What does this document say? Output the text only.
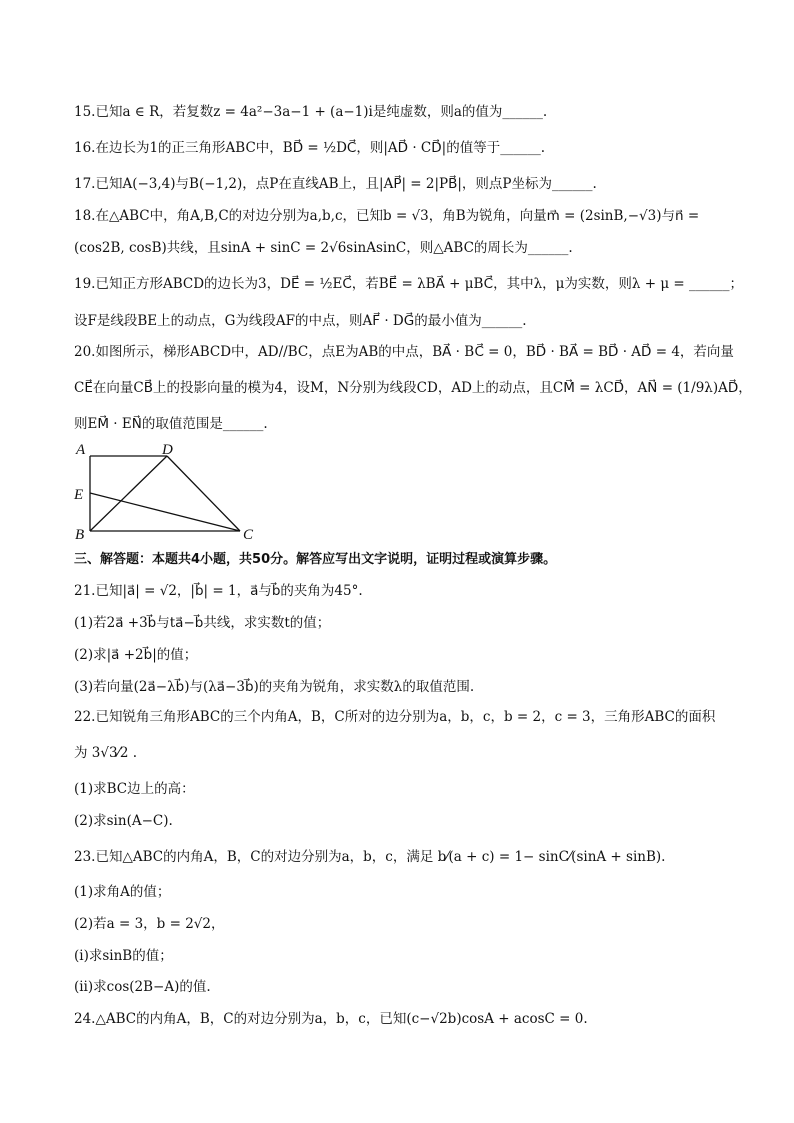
15.已知a ∈ R，若复数z = 4a²−3a−1 + (a−1)i是纯虚数，则a的值为______.
16.在边长为1的正三角形ABC中，BD⃗ = ½DC⃗，则|AD⃗ · CD⃗|的值等于______.
17.已知A(−3,4)与B(−1,2)，点P在直线AB上，且|AP⃗| = 2|PB⃗|，则点P坐标为______.
18.在△ABC中，角A,B,C的对边分别为a,b,c，已知b = √3，角B为锐角，向量m⃗ = (2sinB,−√3)与n⃗ =
(cos2B, cosB)共线，且sinA + sinC = 2√6sinAsinC，则△ABC的周长为______.
19.已知正方形ABCD的边长为3，DE⃗ = ½EC⃗，若BE⃗ = λBA⃗ + μBC⃗，其中λ，μ为实数，则λ + μ = ______；
设F是线段BE上的动点，G为线段AF的中点，则AF⃗ · DG⃗的最小值为______.
20.如图所示，梯形ABCD中，AD//BC，点E为AB的中点，BA⃗ · BC⃗ = 0，BD⃗ · BA⃗ = BD⃗ · AD⃗ = 4，若向量
CE⃗在向量CB⃗上的投影向量的模为4，设M，N分别为线段CD，AD上的动点，且CM⃗ = λCD⃗，AN⃗ = (1/9λ)AD⃗，
则EM⃗ · EN⃗的取值范围是______.
A	D
E
B	C
三、解答题：本题共4小题，共50分。解答应写出文字说明，证明过程或演算步骤。
21.已知|a⃗| = √2，|b⃗| = 1，a⃗与b⃗的夹角为45°.
(1)若2a⃗ +3b⃗与ta⃗−b⃗共线，求实数t的值；
(2)求|a⃗ +2b⃗|的值；
(3)若向量(2a⃗−λb⃗)与(λa⃗−3b⃗)的夹角为锐角，求实数λ的取值范围.
22.已知锐角三角形ABC的三个内角A，B，C所对的边分别为a，b，c，b = 2，c = 3，三角形ABC的面积
为 3√3⁄2 .
(1)求BC边上的高：
(2)求sin(A−C).
23.已知△ABC的内角A，B，C的对边分别为a，b，c，满足 b⁄(a + c) = 1− sinC⁄(sinA + sinB).
(1)求角A的值；
(2)若a = 3，b = 2√2，
(ⅰ)求sinB的值；
(ⅱ)求cos(2B−A)的值.
24.△ABC的内角A，B，C的对边分别为a，b，c，已知(c−√2b)cosA + acosC = 0.
